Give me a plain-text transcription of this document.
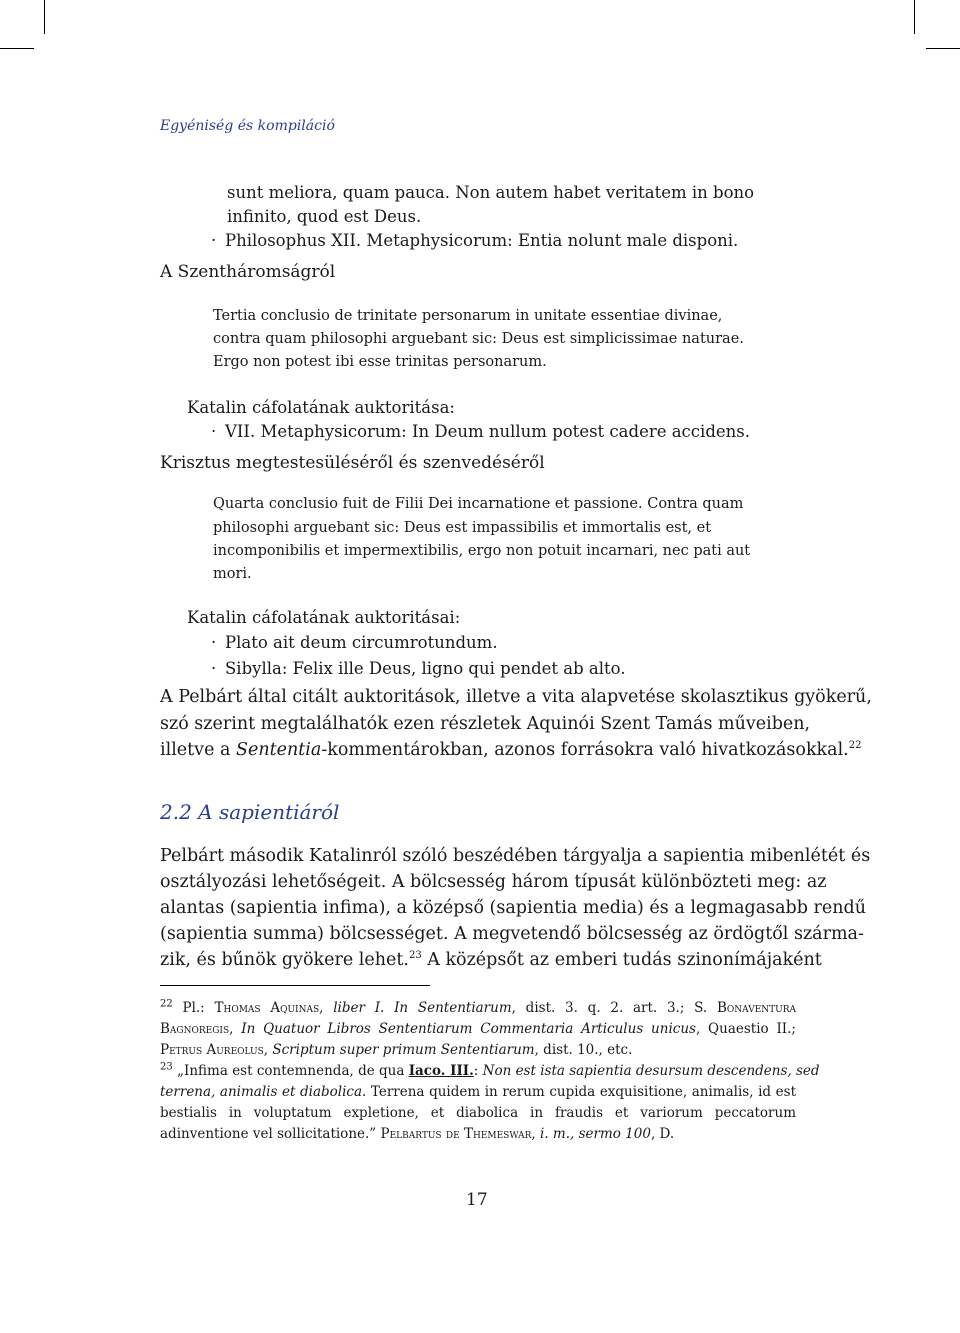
Egyéniség és kompiláció
sunt meliora, quam pauca. Non autem habet veritatem in bono
infinito, quod est Deus.
· Philosophus XII. Metaphysicorum: Entia nolunt male disponi.
A Szentháromságról
Tertia conclusio de trinitate personarum in unitate essentiae divinae,
contra quam philosophi arguebant sic: Deus est simplicissimae naturae.
Ergo non potest ibi esse trinitas personarum.
Katalin cáfolatának auktoritása:
· VII. Metaphysicorum: In Deum nullum potest cadere accidens.
Krisztus megtestesüléséről és szenvedéséről
Quarta conclusio fuit de Filii Dei incarnatione et passione. Contra quam
philosophi arguebant sic: Deus est impassibilis et immortalis est, et
incomponibilis et impermextibilis, ergo non potuit incarnari, nec pati aut
mori.
Katalin cáfolatának auktoritásai:
· Plato ait deum circumrotundum.
· Sibylla: Felix ille Deus, ligno qui pendet ab alto.
A Pelbárt által citált auktoritások, illetve a vita alapvetése skolasztikus gyökerű,
szó szerint megtalálhatók ezen részletek Aquinói Szent Tamás műveiben,
illetve a Sententia-kommentárokban, azonos forrásokra való hivatkozásokkal.$^{22}$
2.2 A sapientiáról
Pelbárt második Katalinról szóló beszédében tárgyalja a sapientia mibenlétét és
osztályozási lehetőségeit. A bölcsesség három típusát különbözteti meg: az
alantas (sapientia infima), a középső (sapientia media) és a legmagasabb rendű
(sapientia summa) bölcsességet. A megvetendő bölcsesség az ördögtől szárma-
zik, és bűnök gyökere lehet.$^{23}$ A középsőt az emberi tudás szinonímájaként
$^{22}$ Pl.: Thomas Aquinas, liber I. In Sententiarum, dist. 3. q. 2. art. 3.; S. Bonaventura
Bagnoregis, In Quatuor Libros Sententiarum Commentaria Articulus unicus, Quaestio II.;
Petrus Aureolus, Scriptum super primum Sententiarum, dist. 10., etc.
$^{23}$ „Infima est contemnenda, de qua Iaco. III.: Non est ista sapientia desursum descendens, sed
terrena, animalis et diabolica. Terrena quidem in rerum cupida exquisitione, animalis, id est
bestialis in voluptatum expletione, et diabolica in fraudis et variorum peccatorum
adinventione vel sollicitatione.” Pelbartus de Themeswar, i. m., sermo 100, D.
17
